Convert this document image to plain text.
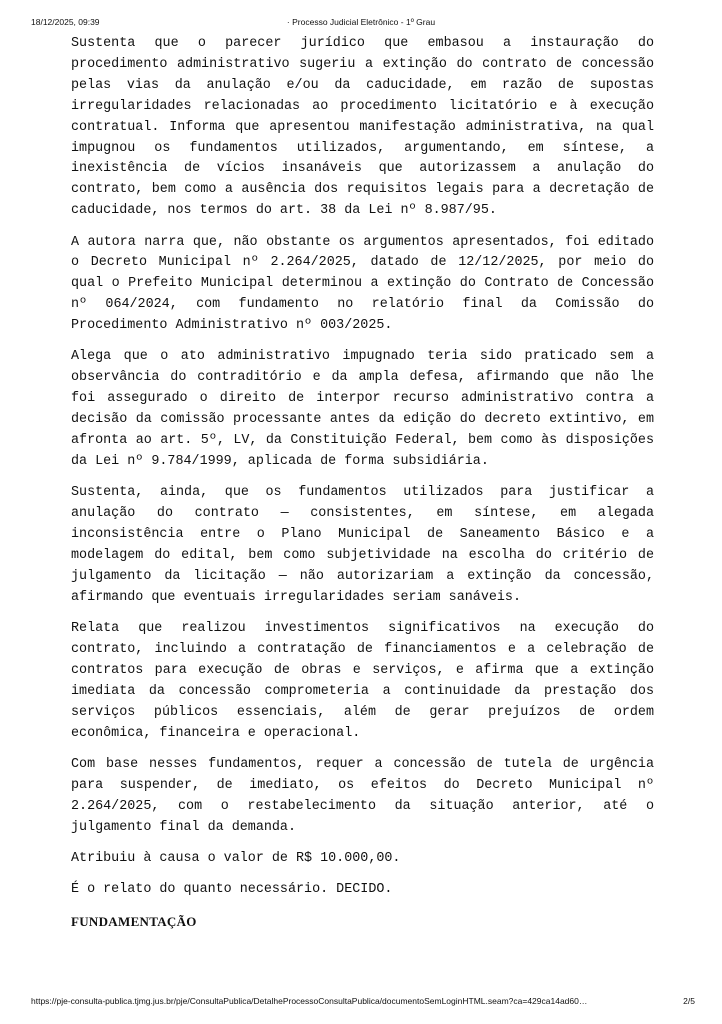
18/12/2025, 09:39	· Processo Judicial Eletrônico - 1º Grau

Sustenta que o parecer jurídico que embasou a instauração do procedimento administrativo sugeriu a extinção do contrato de concessão pelas vias da anulação e/ou da caducidade, em razão de supostas irregularidades relacionadas ao procedimento licitatório e à execução contratual. Informa que apresentou manifestação administrativa, na qual impugnou os fundamentos utilizados, argumentando, em síntese, a inexistência de vícios insanáveis que autorizassem a anulação do contrato, bem como a ausência dos requisitos legais para a decretação de caducidade, nos termos do art. 38 da Lei nº 8.987/95.

A autora narra que, não obstante os argumentos apresentados, foi editado o Decreto Municipal nº 2.264/2025, datado de 12/12/2025, por meio do qual o Prefeito Municipal determinou a extinção do Contrato de Concessão nº 064/2024, com fundamento no relatório final da Comissão do Procedimento Administrativo nº 003/2025.

Alega que o ato administrativo impugnado teria sido praticado sem a observância do contraditório e da ampla defesa, afirmando que não lhe foi assegurado o direito de interpor recurso administrativo contra a decisão da comissão processante antes da edição do decreto extintivo, em afronta ao art. 5º, LV, da Constituição Federal, bem como às disposições da Lei nº 9.784/1999, aplicada de forma subsidiária.

Sustenta, ainda, que os fundamentos utilizados para justificar a anulação do contrato — consistentes, em síntese, em alegada inconsistência entre o Plano Municipal de Saneamento Básico e a modelagem do edital, bem como subjetividade na escolha do critério de julgamento da licitação — não autorizariam a extinção da concessão, afirmando que eventuais irregularidades seriam sanáveis.

Relata que realizou investimentos significativos na execução do contrato, incluindo a contratação de financiamentos e a celebração de contratos para execução de obras e serviços, e afirma que a extinção imediata da concessão comprometeria a continuidade da prestação dos serviços públicos essenciais, além de gerar prejuízos de ordem econômica, financeira e operacional.

Com base nesses fundamentos, requer a concessão de tutela de urgência para suspender, de imediato, os efeitos do Decreto Municipal nº 2.264/2025, com o restabelecimento da situação anterior, até o julgamento final da demanda.

Atribuiu à causa o valor de R$ 10.000,00.

É o relato do quanto necessário. DECIDO.

FUNDAMENTAÇÃO
https://pje-consulta-publica.tjmg.jus.br/pje/ConsultaPublica/DetalheProcessoConsultaPublica/documentoSemLoginHTML.seam?ca=429ca14ad60…	2/5
